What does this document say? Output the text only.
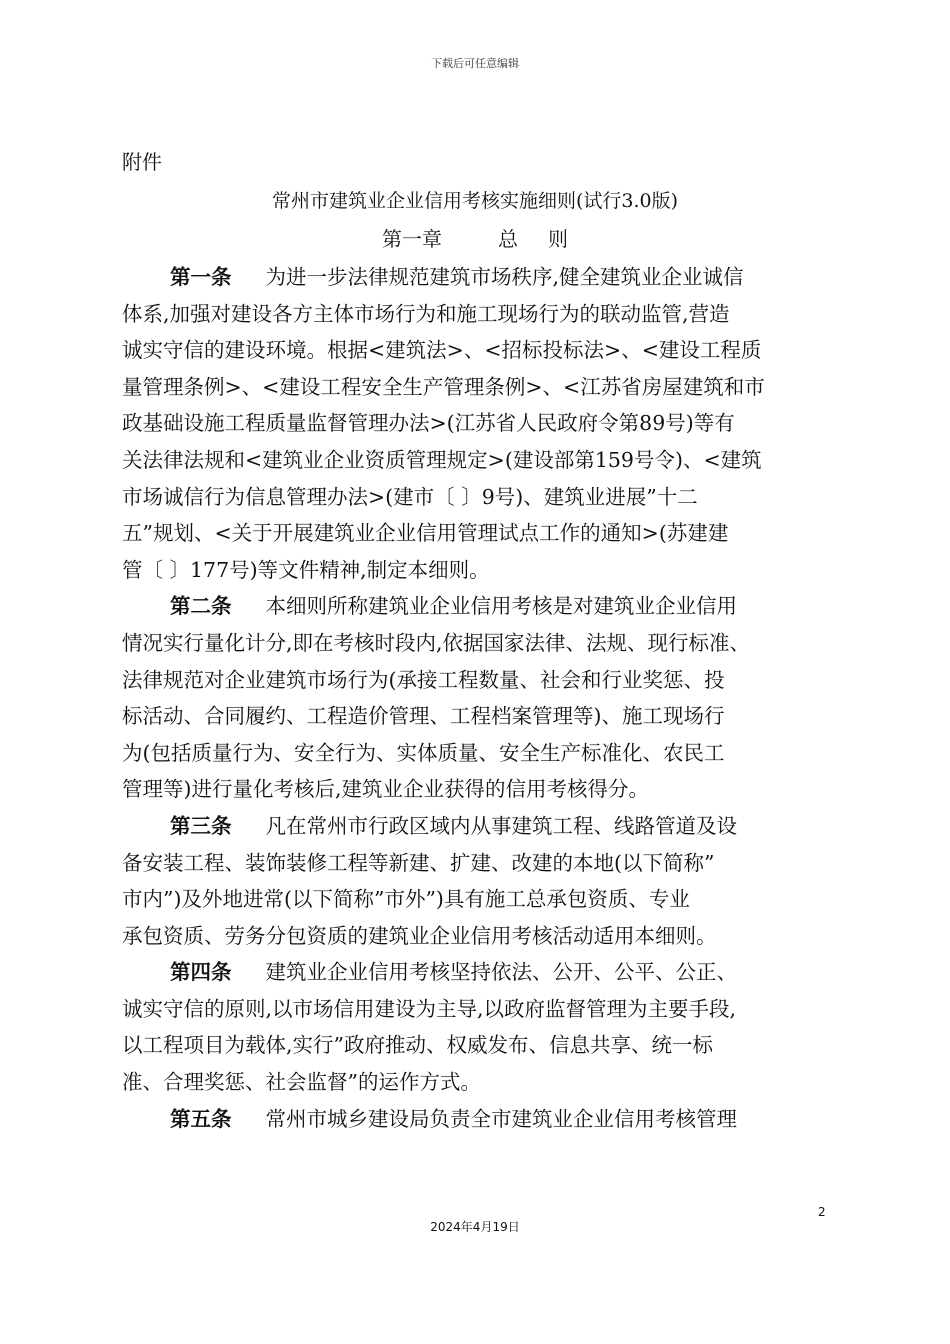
下载后可任意编辑
附件
常州市建筑业企业信用考核实施细则(试行3.0版)
第一章	总 则
第一条 为进一步法律规范建筑市场秩序,健全建筑业企业诚信
体系,加强对建设各方主体市场行为和施工现场行为的联动监管,营造
诚实守信的建设环境。根据<建筑法>、<招标投标法>、<建设工程质
量管理条例>、<建设工程安全生产管理条例>、<江苏省房屋建筑和市
政基础设施工程质量监督管理办法>(江苏省人民政府令第89号)等有
关法律法规和<建筑业企业资质管理规定>(建设部第159号令)、<建筑
市场诚信行为信息管理办法>(建市〔 〕9号)、建筑业进展”十二
五”规划、<关于开展建筑业企业信用管理试点工作的通知>(苏建建
管〔 〕177号)等文件精神,制定本细则。
第二条 本细则所称建筑业企业信用考核是对建筑业企业信用
情况实行量化计分,即在考核时段内,依据国家法律、法规、现行标准、
法律规范对企业建筑市场行为(承接工程数量、社会和行业奖惩、投
标活动、合同履约、工程造价管理、工程档案管理等)、施工现场行
为(包括质量行为、安全行为、实体质量、安全生产标准化、农民工
管理等)进行量化考核后,建筑业企业获得的信用考核得分。
第三条 凡在常州市行政区域内从事建筑工程、线路管道及设
备安装工程、装饰装修工程等新建、扩建、改建的本地(以下简称”
市内”)及外地进常(以下简称”市外”)具有施工总承包资质、专业
承包资质、劳务分包资质的建筑业企业信用考核活动适用本细则。
第四条 建筑业企业信用考核坚持依法、公开、公平、公正、
诚实守信的原则,以市场信用建设为主导,以政府监督管理为主要手段,
以工程项目为载体,实行”政府推动、权威发布、信息共享、统一标
准、合理奖惩、社会监督”的运作方式。
第五条 常州市城乡建设局负责全市建筑业企业信用考核管理
2
2024年4月19日
